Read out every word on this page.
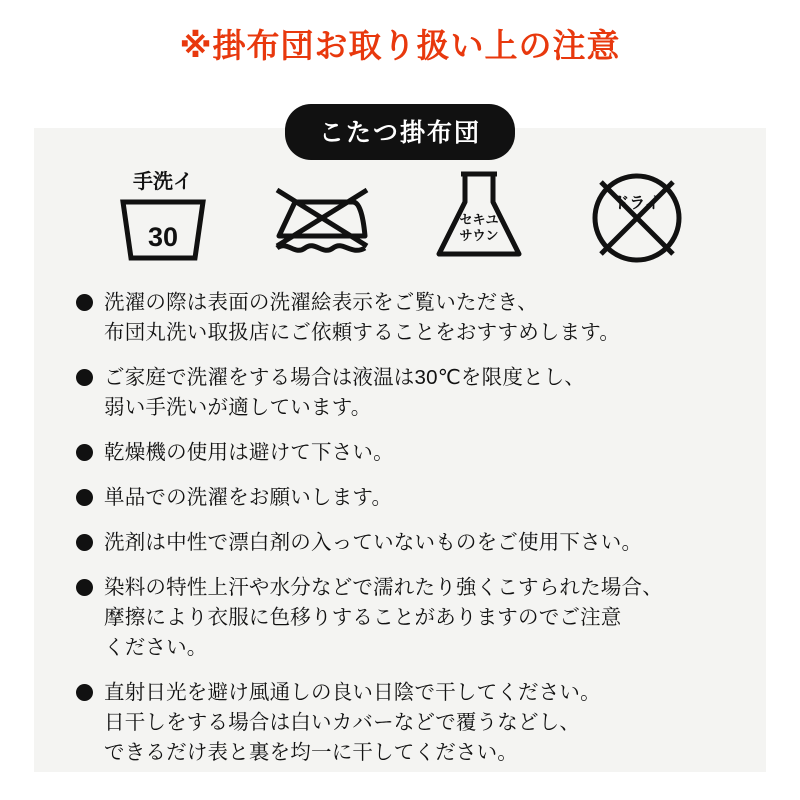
※掛布団お取り扱い上の注意
こたつ掛布団
手洗イ
30
セキユ
サウン
ドライ
洗濯の際は表面の洗濯絵表示をご覧いただき、
布団丸洗い取扱店にご依頼することをおすすめします。
ご家庭で洗濯をする場合は液温は30℃を限度とし、
弱い手洗いが適しています。
乾燥機の使用は避けて下さい。
単品での洗濯をお願いします。
洗剤は中性で漂白剤の入っていないものをご使用下さい。
染料の特性上汗や水分などで濡れたり強くこすられた場合、
摩擦により衣服に色移りすることがありますのでご注意
ください。
直射日光を避け風通しの良い日陰で干してください。
日干しをする場合は白いカバーなどで覆うなどし、
できるだけ表と裏を均一に干してください。
